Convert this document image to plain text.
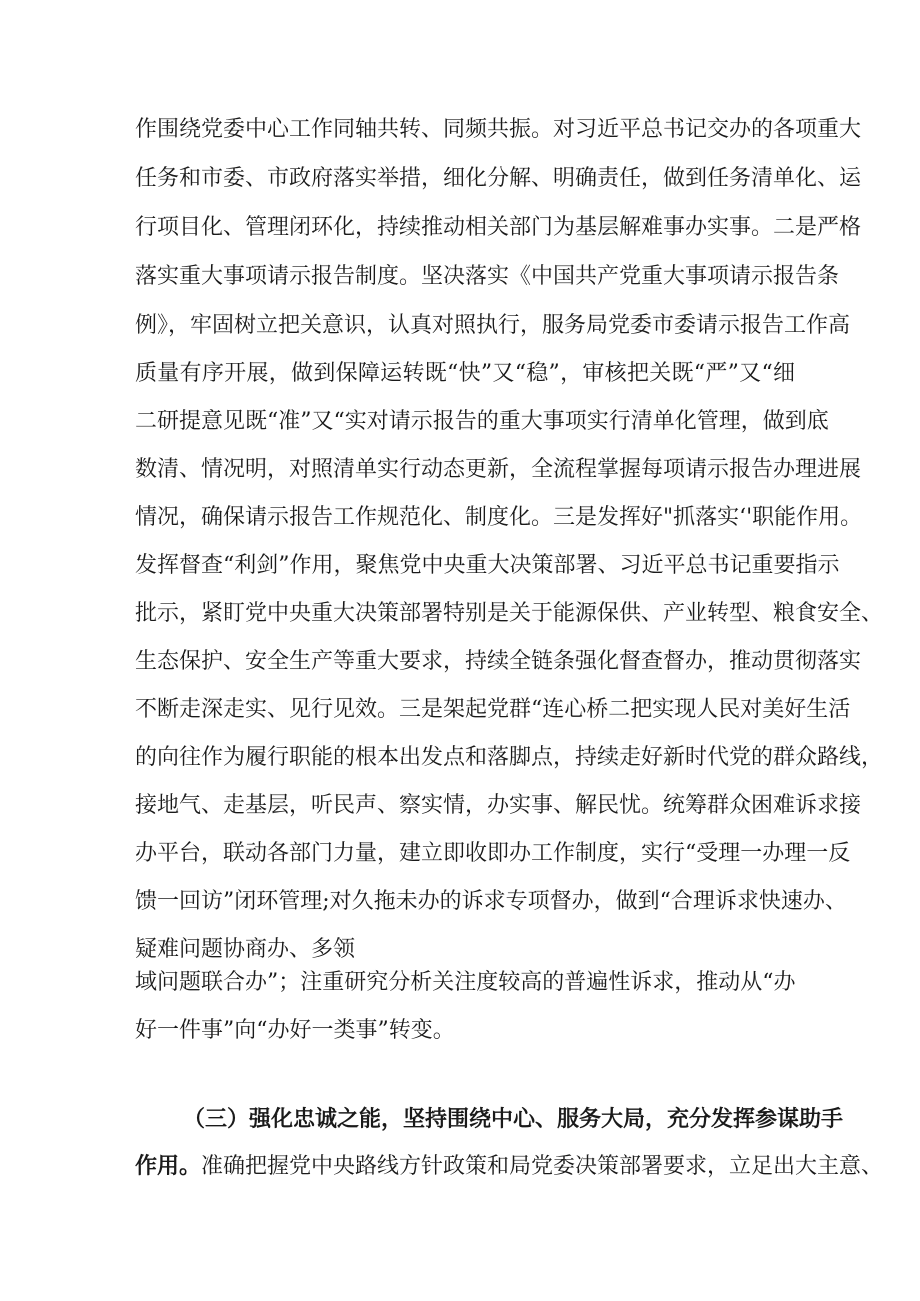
作围绕党委中心工作同轴共转、同频共振。对习近平总书记交办的各项重大
任务和市委、市政府落实举措，细化分解、明确责任，做到任务清单化、运
行项目化、管理闭环化，持续推动相关部门为基层解难事办实事。二是严格
落实重大事项请示报告制度。坚决落实《中国共产党重大事项请示报告条
例》，牢固树立把关意识，认真对照执行，服务局党委市委请示报告工作高
质量有序开展，做到保障运转既“快”又“稳”，审核把关既“严”又“细
二研提意见既“准”又“实对请示报告的重大事项实行清单化管理，做到底
数清、情况明，对照清单实行动态更新，全流程掌握每项请示报告办理进展
情况，确保请示报告工作规范化、制度化。三是发挥好"抓落实‘'职能作用。
发挥督查“利剑”作用，聚焦党中央重大决策部署、习近平总书记重要指示
批示，紧盯党中央重大决策部署特别是关于能源保供、产业转型、粮食安全、
生态保护、安全生产等重大要求，持续全链条强化督查督办，推动贯彻落实
不断走深走实、见行见效。三是架起党群“连心桥二把实现人民对美好生活
的向往作为履行职能的根本出发点和落脚点，持续走好新时代党的群众路线，
接地气、走基层，听民声、察实情，办实事、解民忧。统筹群众困难诉求接
办平台，联动各部门力量，建立即收即办工作制度，实行“受理一办理一反
馈一回访”闭环管理;对久拖未办的诉求专项督办，做到“合理诉求快速办、
疑难问题协商办、多领
域问题联合办”；注重研究分析关注度较高的普遍性诉求，推动从“办
好一件事”向“办好一类事”转变。
（三）强化忠诚之能，坚持围绕中心、服务大局，充分发挥参谋助手
作用。准确把握党中央路线方针政策和局党委决策部署要求，立足出大主意、
